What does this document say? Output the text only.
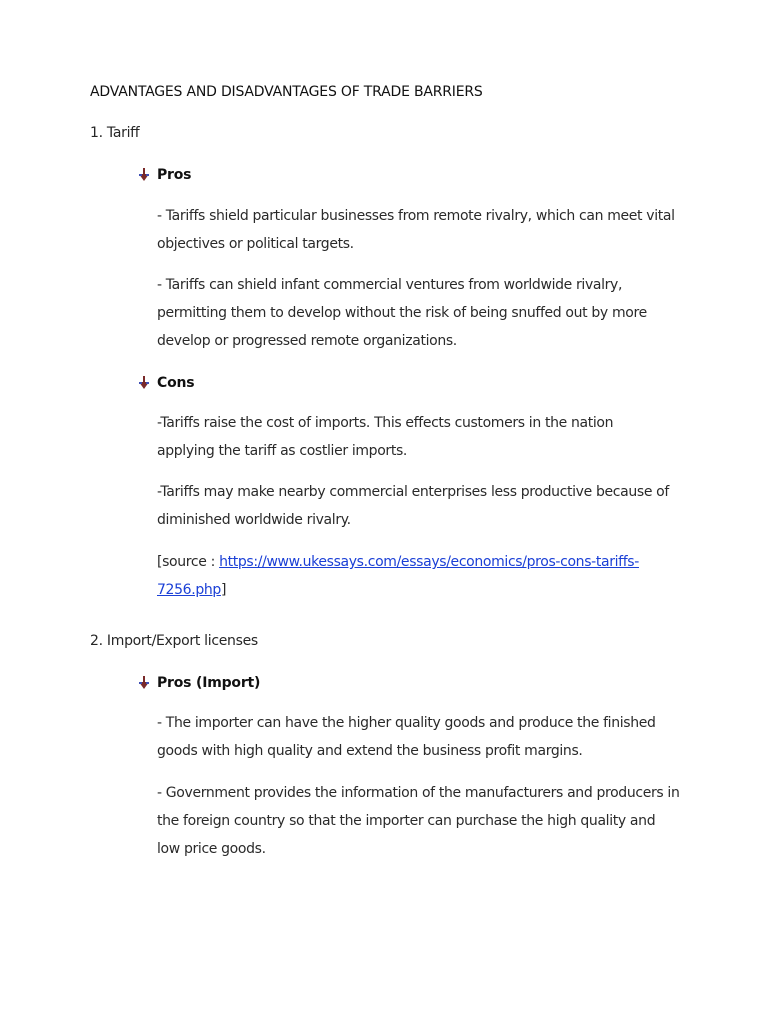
ADVANTAGES AND DISADVANTAGES OF TRADE BARRIERS
1. Tariff
Pros

- Tariffs shield particular businesses from remote rivalry, which can meet vital
objectives or political targets.

- Tariffs can shield infant commercial ventures from worldwide rivalry,
permitting them to develop without the risk of being snuffed out by more
develop or progressed remote organizations.

Cons

-Tariffs raise the cost of imports. This effects customers in the nation
applying the tariff as costlier imports.

-Tariffs may make nearby commercial enterprises less productive because of
diminished worldwide rivalry.

[source : https://www.ukessays.com/essays/economics/pros-cons-tariffs-
7256.php]

2. Import/Export licenses
Pros (Import)

- The importer can have the higher quality goods and produce the finished
goods with high quality and extend the business profit margins.

- Government provides the information of the manufacturers and producers in
the foreign country so that the importer can purchase the high quality and
low price goods.
